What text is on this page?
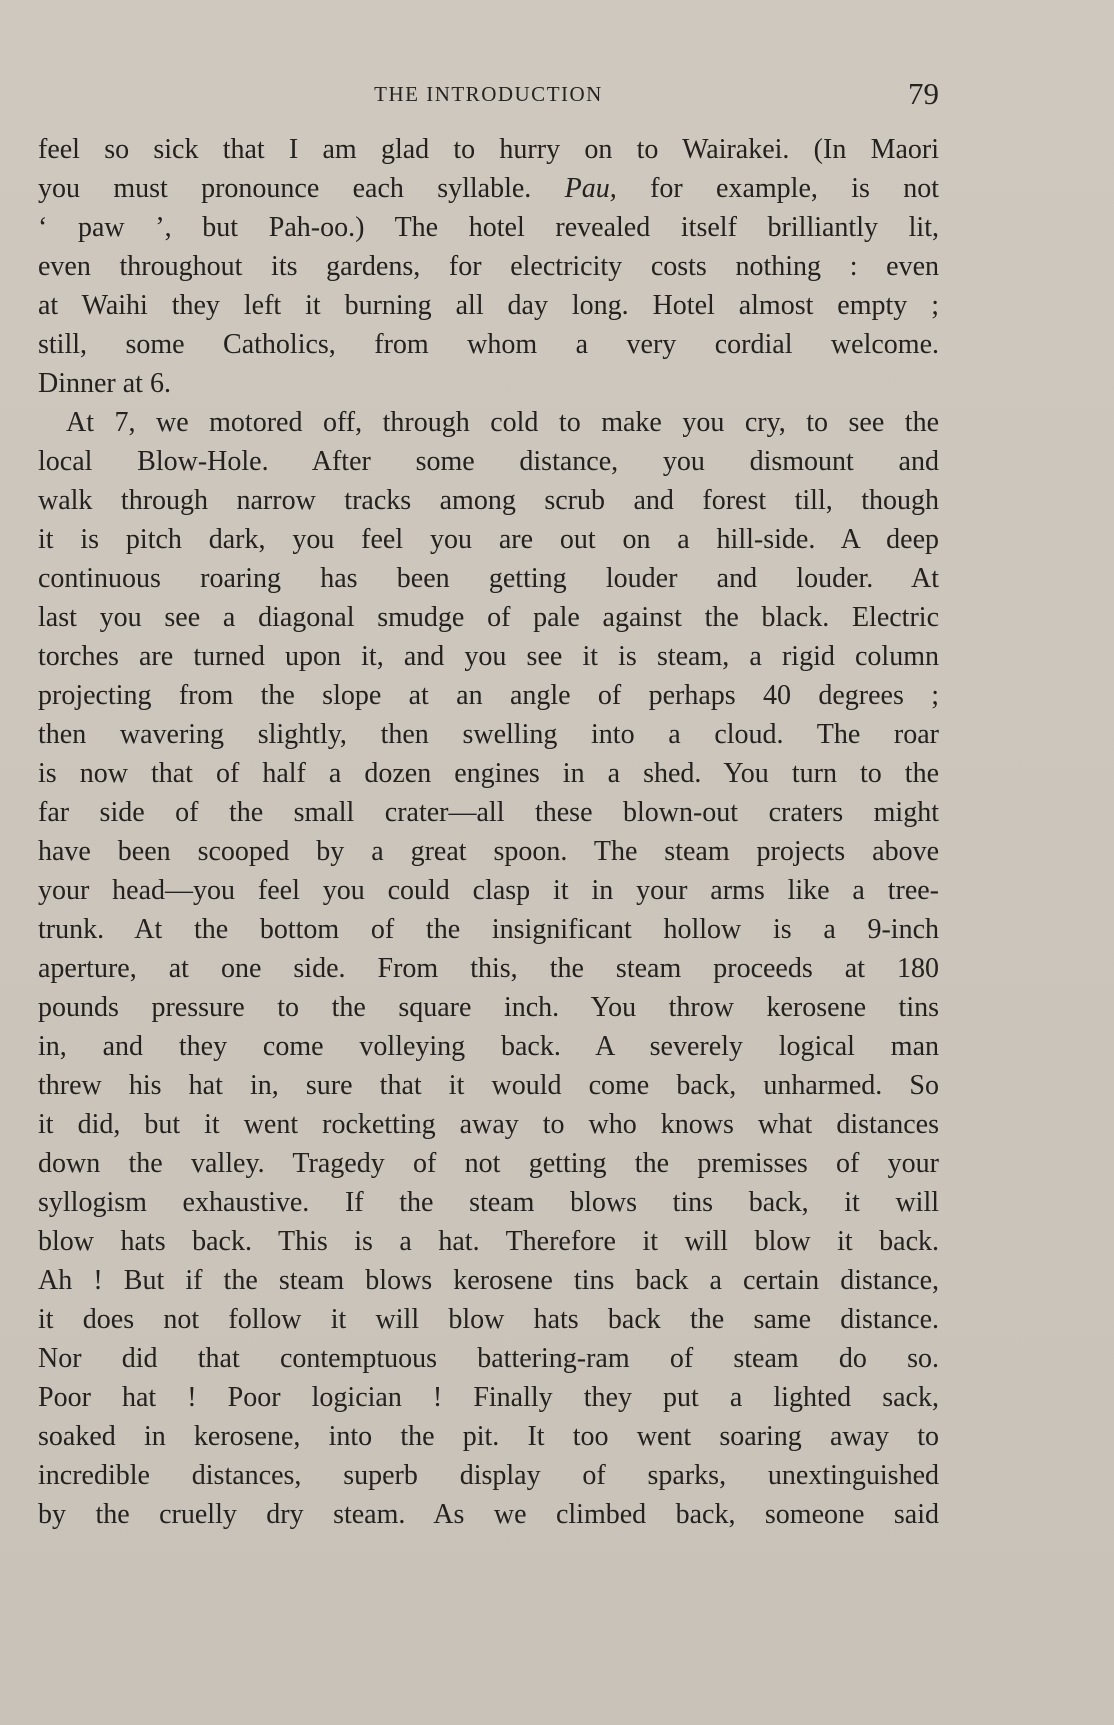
THE INTRODUCTION	79
feel so sick that I am glad to hurry on to Wairakei. (In Maori
you must pronounce each syllable. Pau, for example, is not
‘ paw ’, but Pah-oo.) The hotel revealed itself brilliantly lit,
even throughout its gardens, for electricity costs nothing : even
at Waihi they left it burning all day long. Hotel almost empty ;
still, some Catholics, from whom a very cordial welcome.
Dinner at 6.
At 7, we motored off, through cold to make you cry, to see the
local Blow-Hole. After some distance, you dismount and
walk through narrow tracks among scrub and forest till, though
it is pitch dark, you feel you are out on a hill-side. A deep
continuous roaring has been getting louder and louder. At
last you see a diagonal smudge of pale against the black. Electric
torches are turned upon it, and you see it is steam, a rigid column
projecting from the slope at an angle of perhaps 40 degrees ;
then wavering slightly, then swelling into a cloud. The roar
is now that of half a dozen engines in a shed. You turn to the
far side of the small crater—all these blown-out craters might
have been scooped by a great spoon. The steam projects above
your head—you feel you could clasp it in your arms like a tree-
trunk. At the bottom of the insignificant hollow is a 9-inch
aperture, at one side. From this, the steam proceeds at 180
pounds pressure to the square inch. You throw kerosene tins
in, and they come volleying back. A severely logical man
threw his hat in, sure that it would come back, unharmed. So
it did, but it went rocketting away to who knows what distances
down the valley. Tragedy of not getting the premisses of your
syllogism exhaustive. If the steam blows tins back, it will
blow hats back. This is a hat. Therefore it will blow it back.
Ah ! But if the steam blows kerosene tins back a certain distance,
it does not follow it will blow hats back the same distance.
Nor did that contemptuous battering-ram of steam do so.
Poor hat ! Poor logician ! Finally they put a lighted sack,
soaked in kerosene, into the pit. It too went soaring away to
incredible distances, superb display of sparks, unextinguished
by the cruelly dry steam. As we climbed back, someone said
